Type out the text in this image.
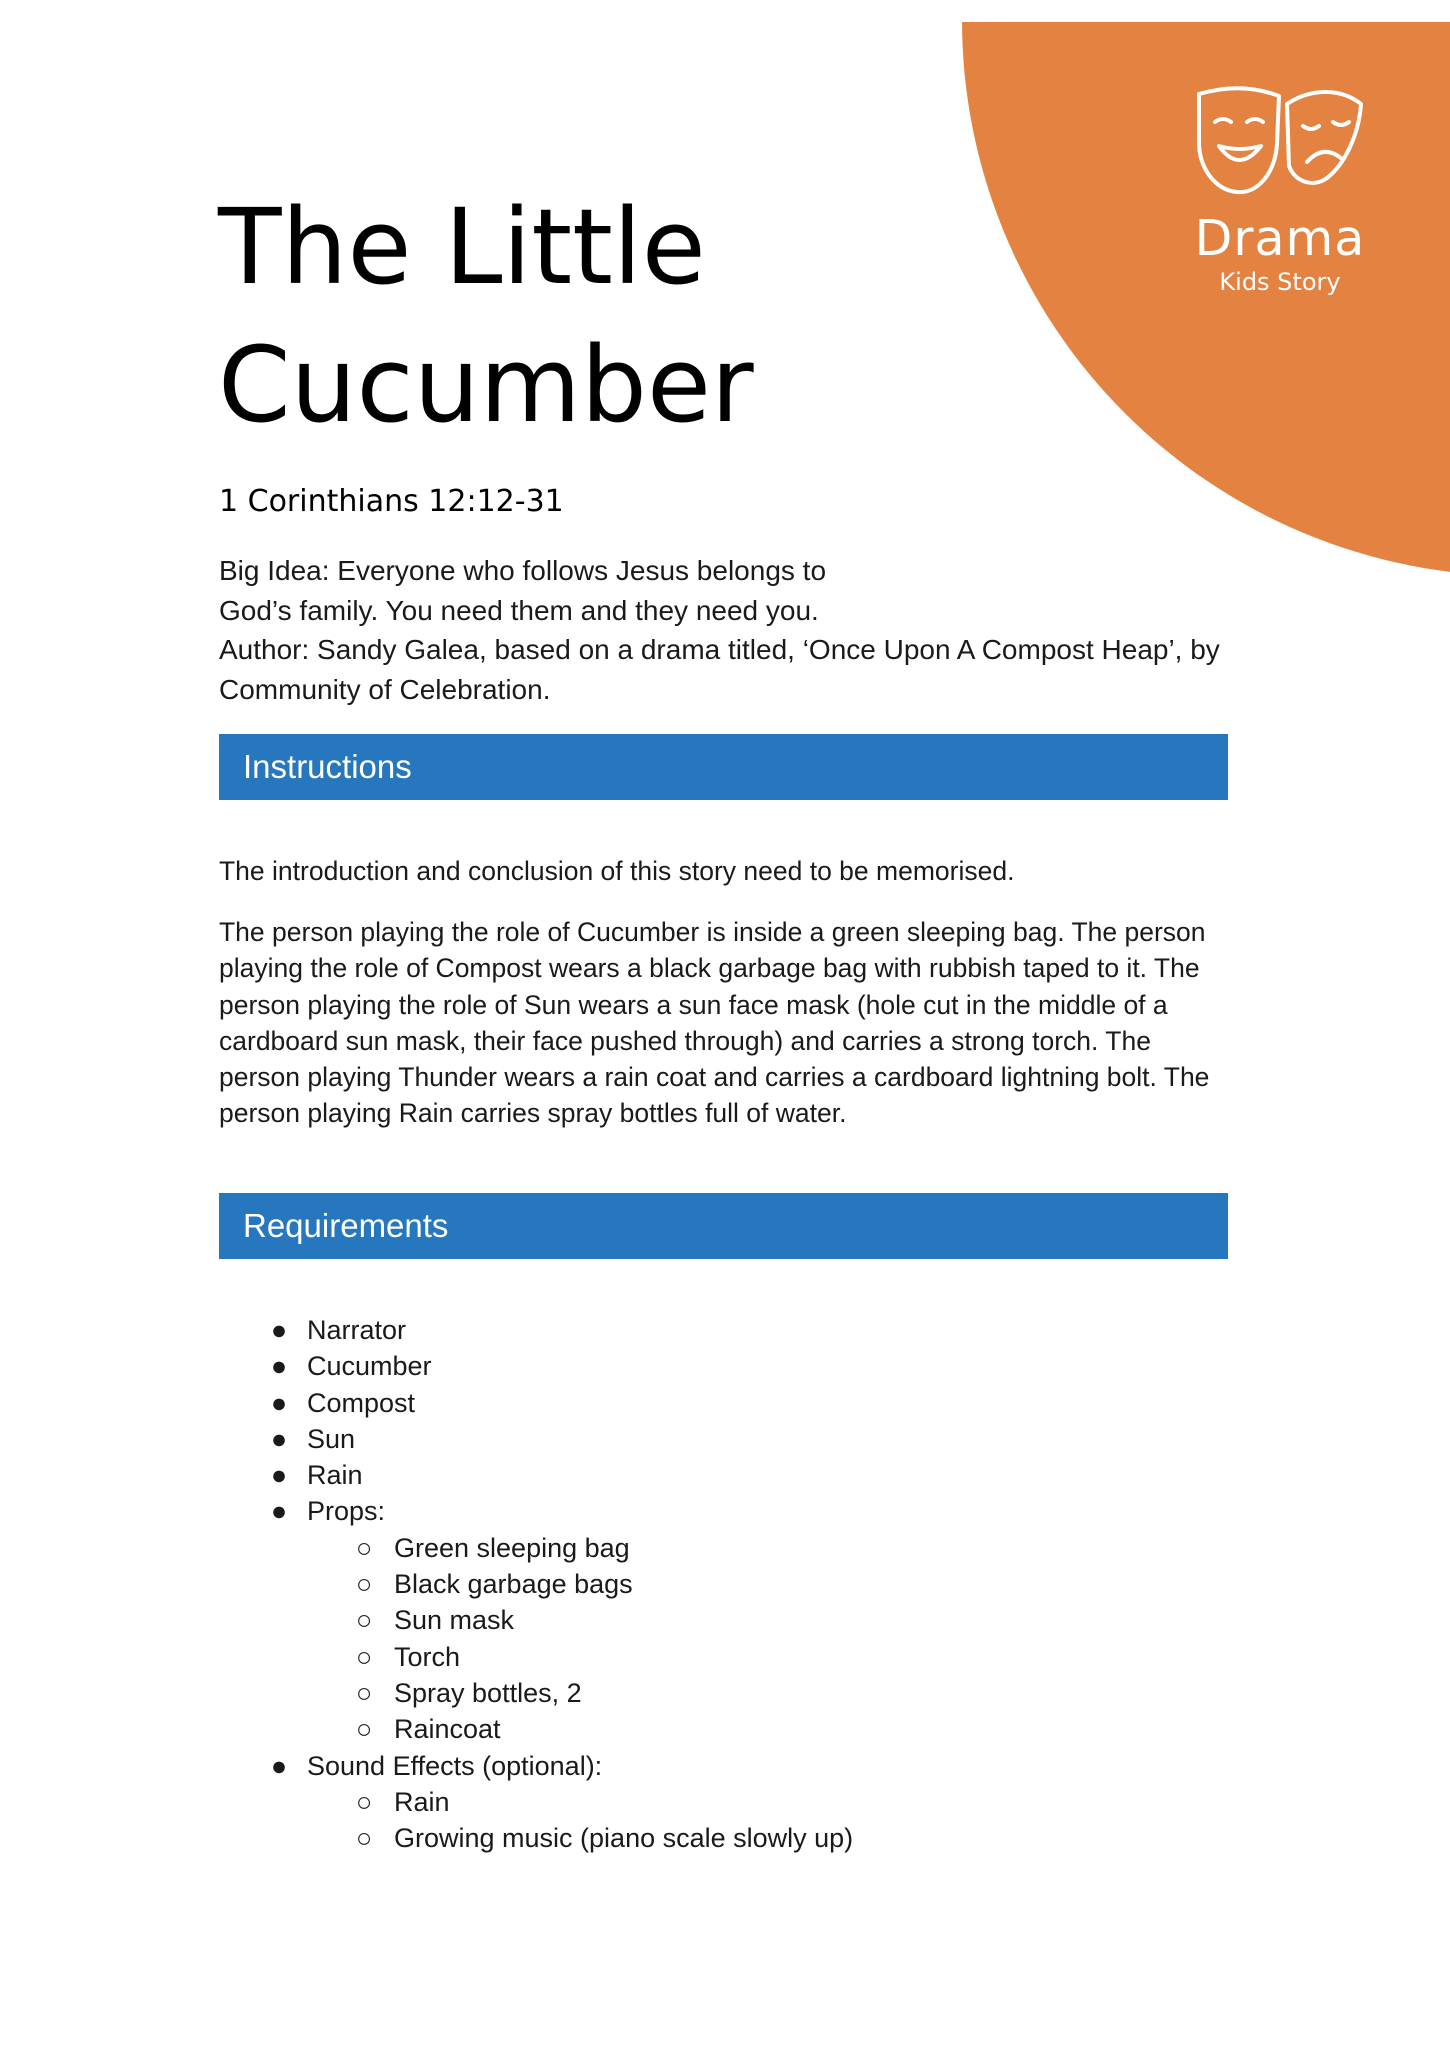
Drama
Kids Story
The Little Cucumber
1 Corinthians 12:12-31

Big Idea: Everyone who follows Jesus belongs to

God’s family. You need them and they need you.

Author: Sandy Galea, based on a drama titled, ‘Once Upon A Compost Heap’, by Community of Celebration.

Instructions

The introduction and conclusion of this story need to be memorised.

The person playing the role of Cucumber is inside a green sleeping bag. The person playing the role of Compost wears a black garbage bag with rubbish taped to it. The person playing the role of Sun wears a sun face mask (hole cut in the middle of a cardboard sun mask, their face pushed through) and carries a strong torch. The person playing Thunder wears a rain coat and carries a cardboard lightning bolt. The person playing Rain carries spray bottles full of water.

Requirements
● Narrator
● Cucumber
● Compost
● Sun
● Rain
● Props:
○ Green sleeping bag
○ Black garbage bags
○ Sun mask
○ Torch
○ Spray bottles, 2
○ Raincoat
● Sound Effects (optional):
○ Rain
○ Growing music (piano scale slowly up)
